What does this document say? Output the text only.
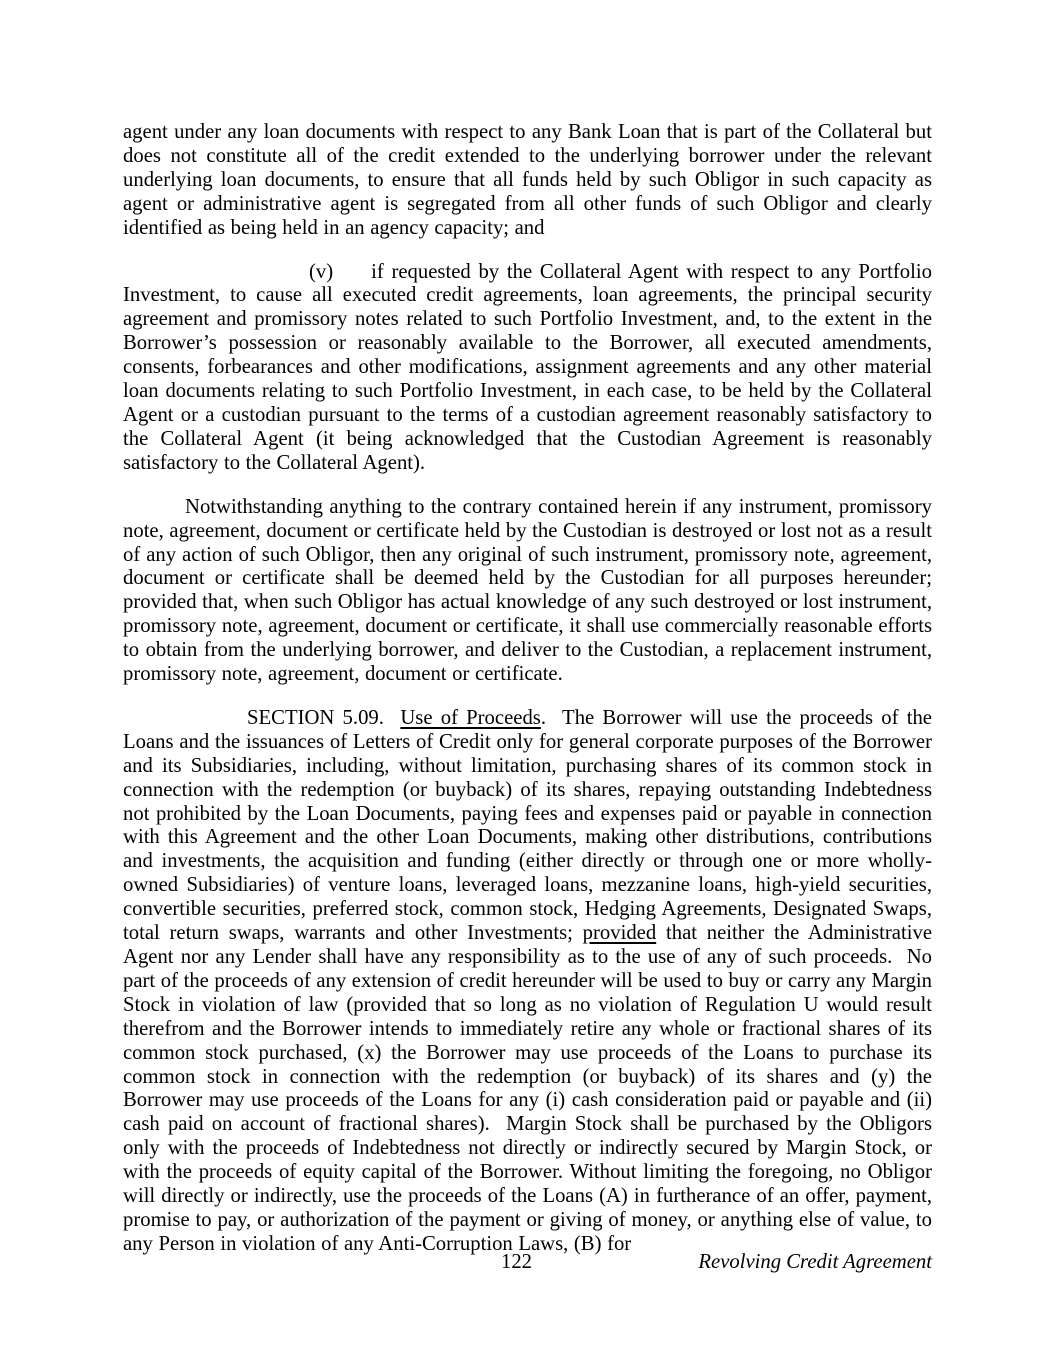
agent under any loan documents with respect to any Bank Loan that is part of the Collateral but does not constitute all of the credit extended to the underlying borrower under the relevant underlying loan documents, to ensure that all funds held by such Obligor in such capacity as agent or administrative agent is segregated from all other funds of such Obligor and clearly identified as being held in an agency capacity; and

(v) if requested by the Collateral Agent with respect to any Portfolio Investment, to cause all executed credit agreements, loan agreements, the principal security agreement and promissory notes related to such Portfolio Investment, and, to the extent in the Borrower’s possession or reasonably available to the Borrower, all executed amendments, consents, forbearances and other modifications, assignment agreements and any other material loan documents relating to such Portfolio Investment, in each case, to be held by the Collateral Agent or a custodian pursuant to the terms of a custodian agreement reasonably satisfactory to the Collateral Agent (it being acknowledged that the Custodian Agreement is reasonably satisfactory to the Collateral Agent).

Notwithstanding anything to the contrary contained herein if any instrument, promissory note, agreement, document or certificate held by the Custodian is destroyed or lost not as a result of any action of such Obligor, then any original of such instrument, promissory note, agreement, document or certificate shall be deemed held by the Custodian for all purposes hereunder; provided that, when such Obligor has actual knowledge of any such destroyed or lost instrument, promissory note, agreement, document or certificate, it shall use commercially reasonable efforts to obtain from the underlying borrower, and deliver to the Custodian, a replacement instrument, promissory note, agreement, document or certificate.

SECTION 5.09.  Use of Proceeds.  The Borrower will use the proceeds of the Loans and the issuances of Letters of Credit only for general corporate purposes of the Borrower and its Subsidiaries, including, without limitation, purchasing shares of its common stock in connection with the redemption (or buyback) of its shares, repaying outstanding Indebtedness not prohibited by the Loan Documents, paying fees and expenses paid or payable in connection with this Agreement and the other Loan Documents, making other distributions, contributions and investments, the acquisition and funding (either directly or through one or more wholly-owned Subsidiaries) of venture loans, leveraged loans, mezzanine loans, high-yield securities, convertible securities, preferred stock, common stock, Hedging Agreements, Designated Swaps, total return swaps, warrants and other Investments; provided that neither the Administrative Agent nor any Lender shall have any responsibility as to the use of any of such proceeds.  No part of the proceeds of any extension of credit hereunder will be used to buy or carry any Margin Stock in violation of law (provided that so long as no violation of Regulation U would result therefrom and the Borrower intends to immediately retire any whole or fractional shares of its common stock purchased, (x) the Borrower may use proceeds of the Loans to purchase its common stock in connection with the redemption (or buyback) of its shares and (y) the Borrower may use proceeds of the Loans for any (i) cash consideration paid or payable and (ii) cash paid on account of fractional shares).  Margin Stock shall be purchased by the Obligors only with the proceeds of Indebtedness not directly or indirectly secured by Margin Stock, or with the proceeds of equity capital of the Borrower. Without limiting the foregoing, no Obligor will directly or indirectly, use the proceeds of the Loans (A) in furtherance of an offer, payment, promise to pay, or authorization of the payment or giving of money, or anything else of value, to any Person in violation of any Anti-Corruption Laws, (B) for

122	Revolving Credit Agreement
